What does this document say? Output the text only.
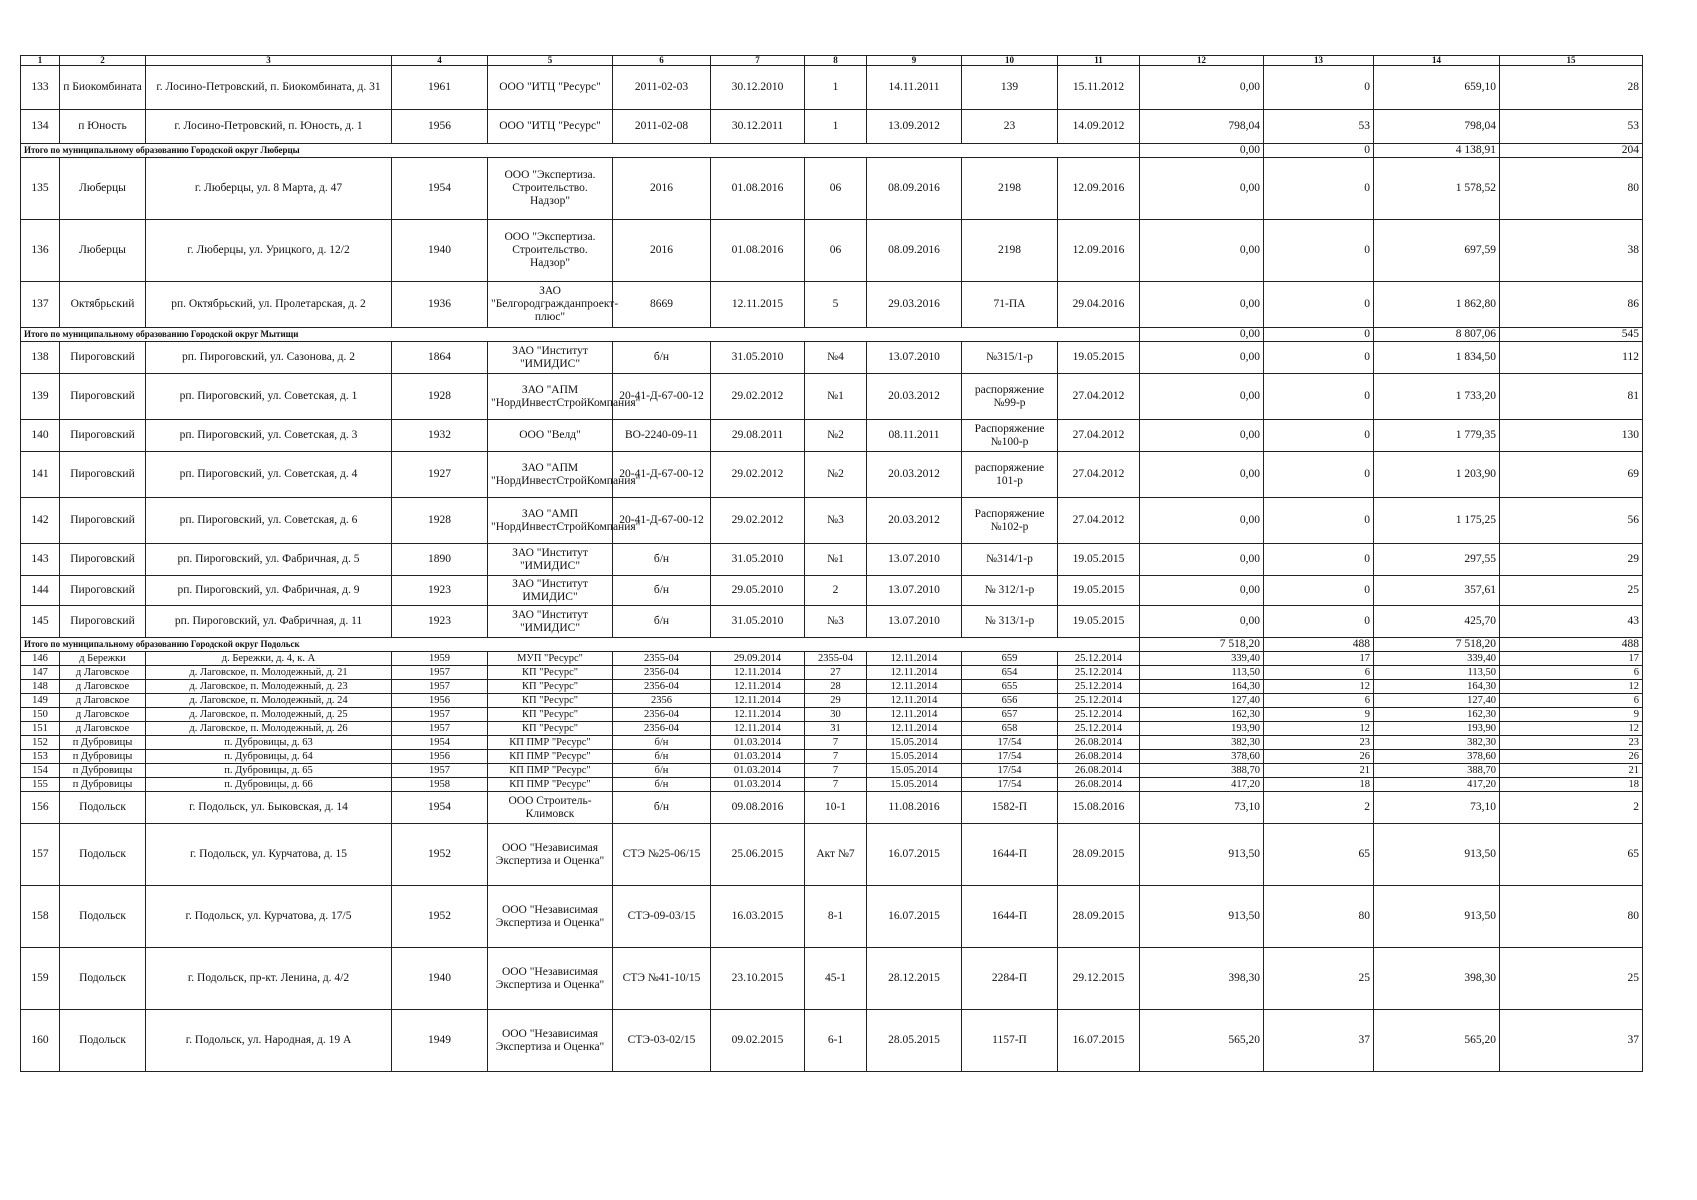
1	2	3	4	5	6	7	8	9	10	11	12	13	14	15
133	п Биокомбината	г. Лосино-Петровский, п. Биокомбината, д. 31	1961	ООО "ИТЦ "Ресурс"	2011-02-03	30.12.2010	1	14.11.2011	139	15.11.2012	0,00	0	659,10	28
134	п Юность	г. Лосино-Петровский, п. Юность, д. 1	1956	ООО "ИТЦ "Ресурс"	2011-02-08	30.12.2011	1	13.09.2012	23	14.09.2012	798,04	53	798,04	53
Итого по муниципальному образованию Городской округ Люберцы											0,00	0	4 138,91	204
135	Люберцы	г. Люберцы, ул. 8 Марта, д. 47	1954	ООО "Экспертиза. Строительство. Надзор"	2016	01.08.2016	06	08.09.2016	2198	12.09.2016	0,00	0	1 578,52	80
136	Люберцы	г. Люберцы, ул. Урицкого, д. 12/2	1940	ООО "Экспертиза. Строительство. Надзор"	2016	01.08.2016	06	08.09.2016	2198	12.09.2016	0,00	0	697,59	38
137	Октябрьский	рп. Октябрьский, ул. Пролетарская, д. 2	1936	ЗАО "Белгородгражданпроект-плюс"	8669	12.11.2015	5	29.03.2016	71-ПА	29.04.2016	0,00	0	1 862,80	86
Итого по муниципальному образованию Городской округ Мытищи											0,00	0	8 807,06	545
138	Пироговский	рп. Пироговский, ул. Сазонова, д. 2	1864	ЗАО "Институт "ИМИДИС"	б/н	31.05.2010	№4	13.07.2010	№315/1-р	19.05.2015	0,00	0	1 834,50	112
139	Пироговский	рп. Пироговский, ул. Советская, д. 1	1928	ЗАО "АПМ "НордИнвестСтройКомпания"	20-41-Д-67-00-12	29.02.2012	№1	20.03.2012	распоряжение №99-р	27.04.2012	0,00	0	1 733,20	81
140	Пироговский	рп. Пироговский, ул. Советская, д. 3	1932	ООО "Велд"	ВО-2240-09-11	29.08.2011	№2	08.11.2011	Распоряжение №100-р	27.04.2012	0,00	0	1 779,35	130
141	Пироговский	рп. Пироговский, ул. Советская, д. 4	1927	ЗАО "АПМ "НордИнвестСтройКомпания"	20-41-Д-67-00-12	29.02.2012	№2	20.03.2012	распоряжение 101-р	27.04.2012	0,00	0	1 203,90	69
142	Пироговский	рп. Пироговский, ул. Советская, д. 6	1928	ЗАО "АМП "НордИнвестСтройКомпания"	20-41-Д-67-00-12	29.02.2012	№3	20.03.2012	Распоряжение №102-р	27.04.2012	0,00	0	1 175,25	56
143	Пироговский	рп. Пироговский, ул. Фабричная, д. 5	1890	ЗАО "Институт "ИМИДИС"	б/н	31.05.2010	№1	13.07.2010	№314/1-р	19.05.2015	0,00	0	297,55	29
144	Пироговский	рп. Пироговский, ул. Фабричная, д. 9	1923	ЗАО "Институт ИМИДИС"	б/н	29.05.2010	2	13.07.2010	№ 312/1-р	19.05.2015	0,00	0	357,61	25
145	Пироговский	рп. Пироговский, ул. Фабричная, д. 11	1923	ЗАО "Институт "ИМИДИС"	б/н	31.05.2010	№3	13.07.2010	№ 313/1-р	19.05.2015	0,00	0	425,70	43
Итого по муниципальному образованию Городской округ Подольск											7 518,20	488	7 518,20	488
146	д Бережки	д. Бережки, д. 4, к. А	1959	МУП "Ресурс"	2355-04	29.09.2014	2355-04	12.11.2014	659	25.12.2014	339,40	17	339,40	17
147	д Лаговское	д. Лаговское, п. Молодежный, д. 21	1957	КП "Ресурс"	2356-04	12.11.2014	27	12.11.2014	654	25.12.2014	113,50	6	113,50	6
148	д Лаговское	д. Лаговское, п. Молодежный, д. 23	1957	КП "Ресурс"	2356-04	12.11.2014	28	12.11.2014	655	25.12.2014	164,30	12	164,30	12
149	д Лаговское	д. Лаговское, п. Молодежный, д. 24	1956	КП "Ресурс"	2356	12.11.2014	29	12.11.2014	656	25.12.2014	127,40	6	127,40	6
150	д Лаговское	д. Лаговское, п. Молодежный, д. 25	1957	КП "Ресурс"	2356-04	12.11.2014	30	12.11.2014	657	25.12.2014	162,30	9	162,30	9
151	д Лаговское	д. Лаговское, п. Молодежный, д. 26	1957	КП "Ресурс"	2356-04	12.11.2014	31	12.11.2014	658	25.12.2014	193,90	12	193,90	12
152	п Дубровицы	п. Дубровицы, д. 63	1954	КП ПМР "Ресурс"	б/н	01.03.2014	7	15.05.2014	17/54	26.08.2014	382,30	23	382,30	23
153	п Дубровицы	п. Дубровицы, д. 64	1956	КП ПМР "Ресурс"	б/н	01.03.2014	7	15.05.2014	17/54	26.08.2014	378,60	26	378,60	26
154	п Дубровицы	п. Дубровицы, д. 65	1957	КП ПМР "Ресурс"	б/н	01.03.2014	7	15.05.2014	17/54	26.08.2014	388,70	21	388,70	21
155	п Дубровицы	п. Дубровицы, д. 66	1958	КП ПМР "Ресурс"	б/н	01.03.2014	7	15.05.2014	17/54	26.08.2014	417,20	18	417,20	18
156	Подольск	г. Подольск, ул. Быковская, д. 14	1954	ООО Строитель-Климовск	б/н	09.08.2016	10-1	11.08.2016	1582-П	15.08.2016	73,10	2	73,10	2
157	Подольск	г. Подольск, ул. Курчатова, д. 15	1952	ООО "Независимая Экспертиза и Оценка"	СТЭ №25-06/15	25.06.2015	Акт №7	16.07.2015	1644-П	28.09.2015	913,50	65	913,50	65
158	Подольск	г. Подольск, ул. Курчатова, д. 17/5	1952	ООО "Независимая Экспертиза и Оценка"	СТЭ-09-03/15	16.03.2015	8-1	16.07.2015	1644-П	28.09.2015	913,50	80	913,50	80
159	Подольск	г. Подольск, пр-кт. Ленина, д. 4/2	1940	ООО "Независимая Экспертиза и Оценка"	СТЭ №41-10/15	23.10.2015	45-1	28.12.2015	2284-П	29.12.2015	398,30	25	398,30	25
160	Подольск	г. Подольск, ул. Народная, д. 19 А	1949	ООО "Независимая Экспертиза и Оценка"	СТЭ-03-02/15	09.02.2015	6-1	28.05.2015	1157-П	16.07.2015	565,20	37	565,20	37
